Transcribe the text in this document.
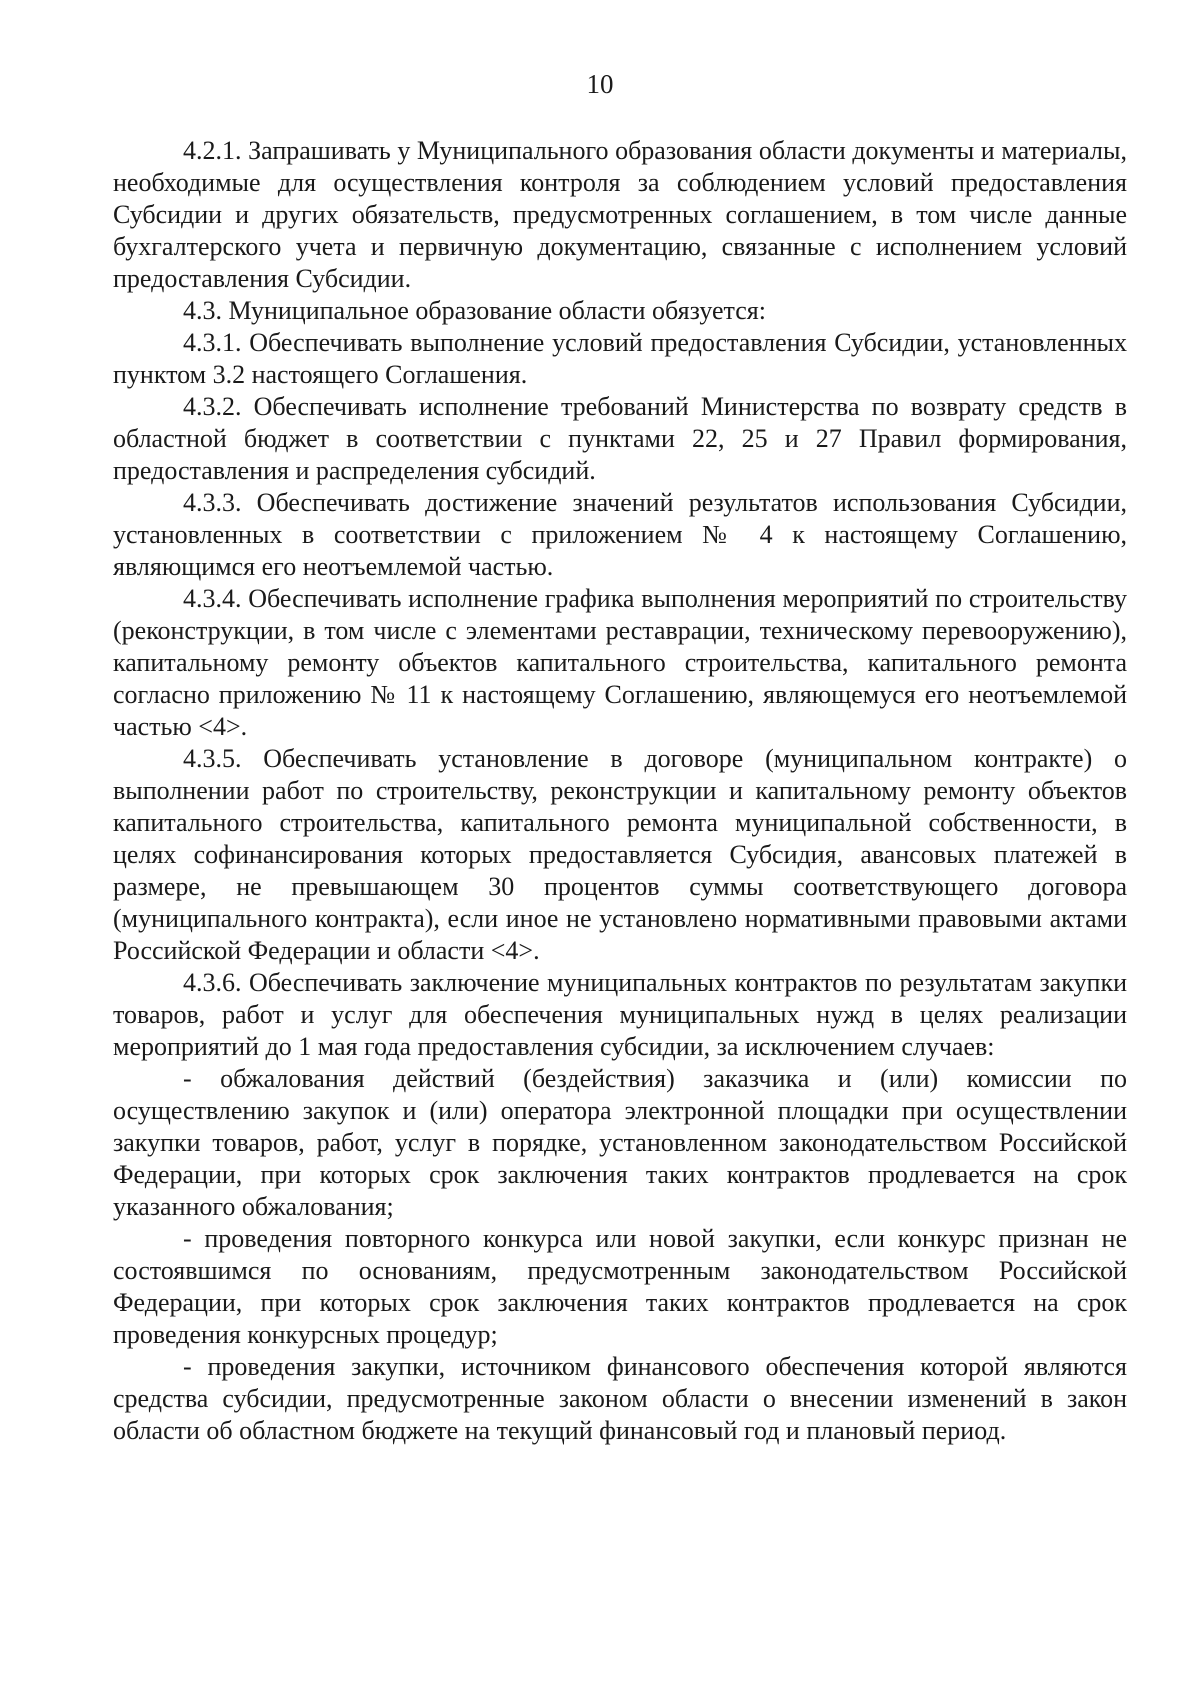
10

4.2.1. Запрашивать у Муниципального образования области документы и материалы, необходимые для осуществления контроля за соблюдением условий предоставления Субсидии и других обязательств, предусмотренных соглашением, в том числе данные бухгалтерского учета и первичную документацию, связанные с исполнением условий предоставления Субсидии.

4.3. Муниципальное образование области обязуется:

4.3.1. Обеспечивать выполнение условий предоставления Субсидии, установленных пунктом 3.2 настоящего Соглашения.

4.3.2. Обеспечивать исполнение требований Министерства по возврату средств в областной бюджет в соответствии с пунктами 22, 25 и 27 Правил формирования, предоставления и распределения субсидий.

4.3.3. Обеспечивать достижение значений результатов использования Субсидии, установленных в соответствии с приложением № 4 к настоящему Соглашению, являющимся его неотъемлемой частью.

4.3.4. Обеспечивать исполнение графика выполнения мероприятий по строительству (реконструкции, в том числе с элементами реставрации, техническому перевооружению), капитальному ремонту объектов капитального строительства, капитального ремонта согласно приложению № 11 к настоящему Соглашению, являющемуся его неотъемлемой частью <4>.

4.3.5. Обеспечивать установление в договоре (муниципальном контракте) о выполнении работ по строительству, реконструкции и капитальному ремонту объектов капитального строительства, капитального ремонта муниципальной собственности, в целях софинансирования которых предоставляется Субсидия, авансовых платежей в размере, не превышающем 30 процентов суммы соответствующего договора (муниципального контракта), если иное не установлено нормативными правовыми актами Российской Федерации и области <4>.

4.3.6. Обеспечивать заключение муниципальных контрактов по результатам закупки товаров, работ и услуг для обеспечения муниципальных нужд в целях реализации мероприятий до 1 мая года предоставления субсидии, за исключением случаев:

- обжалования действий (бездействия) заказчика и (или) комиссии по осуществлению закупок и (или) оператора электронной площадки при осуществлении закупки товаров, работ, услуг в порядке, установленном законодательством Российской Федерации, при которых срок заключения таких контрактов продлевается на срок указанного обжалования;

- проведения повторного конкурса или новой закупки, если конкурс признан не состоявшимся по основаниям, предусмотренным законодательством Российской Федерации, при которых срок заключения таких контрактов продлевается на срок проведения конкурсных процедур;

- проведения закупки, источником финансового обеспечения которой являются средства субсидии, предусмотренные законом области о внесении изменений в закон области об областном бюджете на текущий финансовый год и плановый период.
